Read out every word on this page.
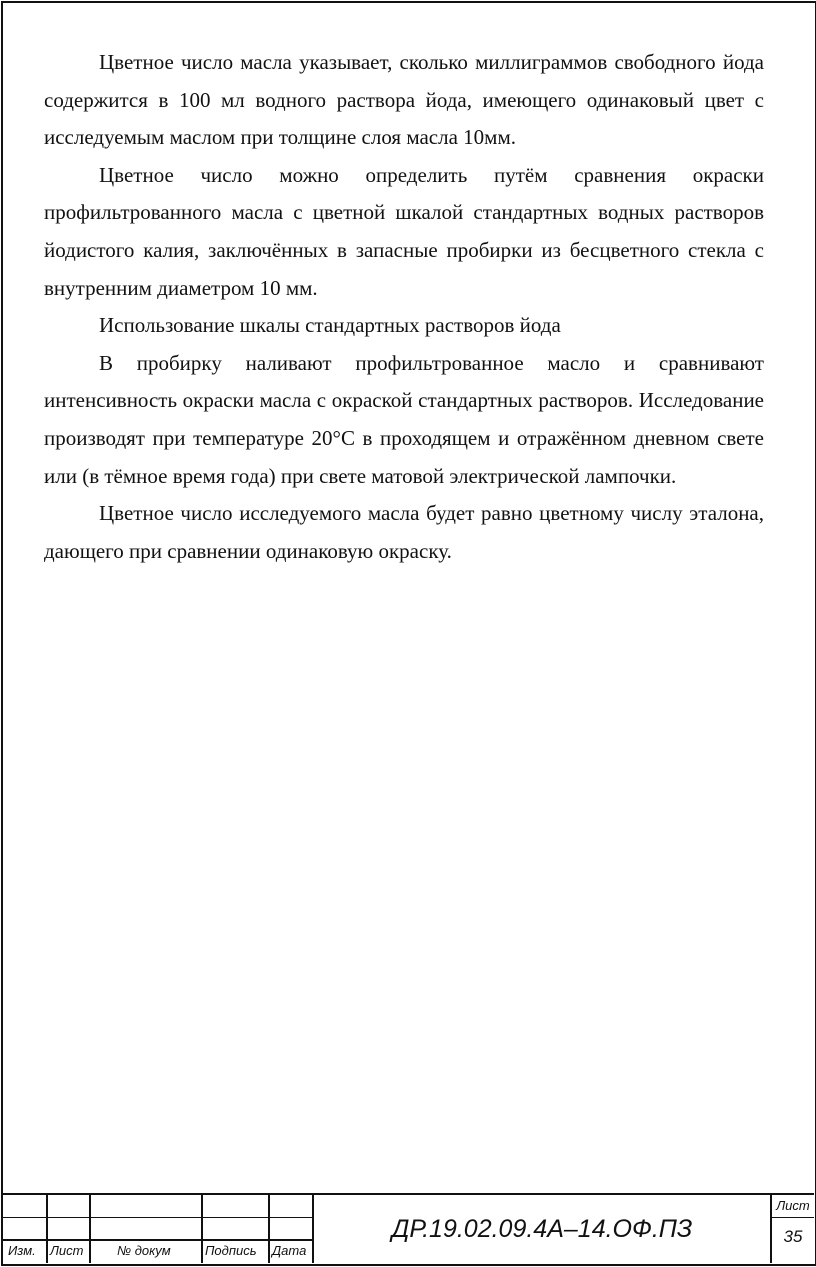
Цветное число масла указывает, сколько миллиграммов свободного йода содержится в 100 мл водного раствора йода, имеющего одинаковый цвет с исследуемым маслом при толщине слоя масла 10мм.

Цветное число можно определить путём сравнения окраски профильтрованного масла с цветной шкалой стандартных водных растворов йодистого калия, заключённых в запасные пробирки из бесцветного стекла с внутренним диаметром 10 мм.

Использование шкалы стандартных растворов йода

В пробирку наливают профильтрованное масло и сравнивают интенсивность окраски масла с окраской стандартных растворов. Исследование производят при температуре 20°С в проходящем и отражённом дневном свете или (в тёмное время года) при свете матовой электрической лампочки.

Цветное число исследуемого масла будет равно цветному числу эталона, дающего при сравнении одинаковую окраску.

Изм. Лист	№ докум	Подпись Дата
ДР.19.02.09.4А–14.ОФ.ПЗ
Лист
35
